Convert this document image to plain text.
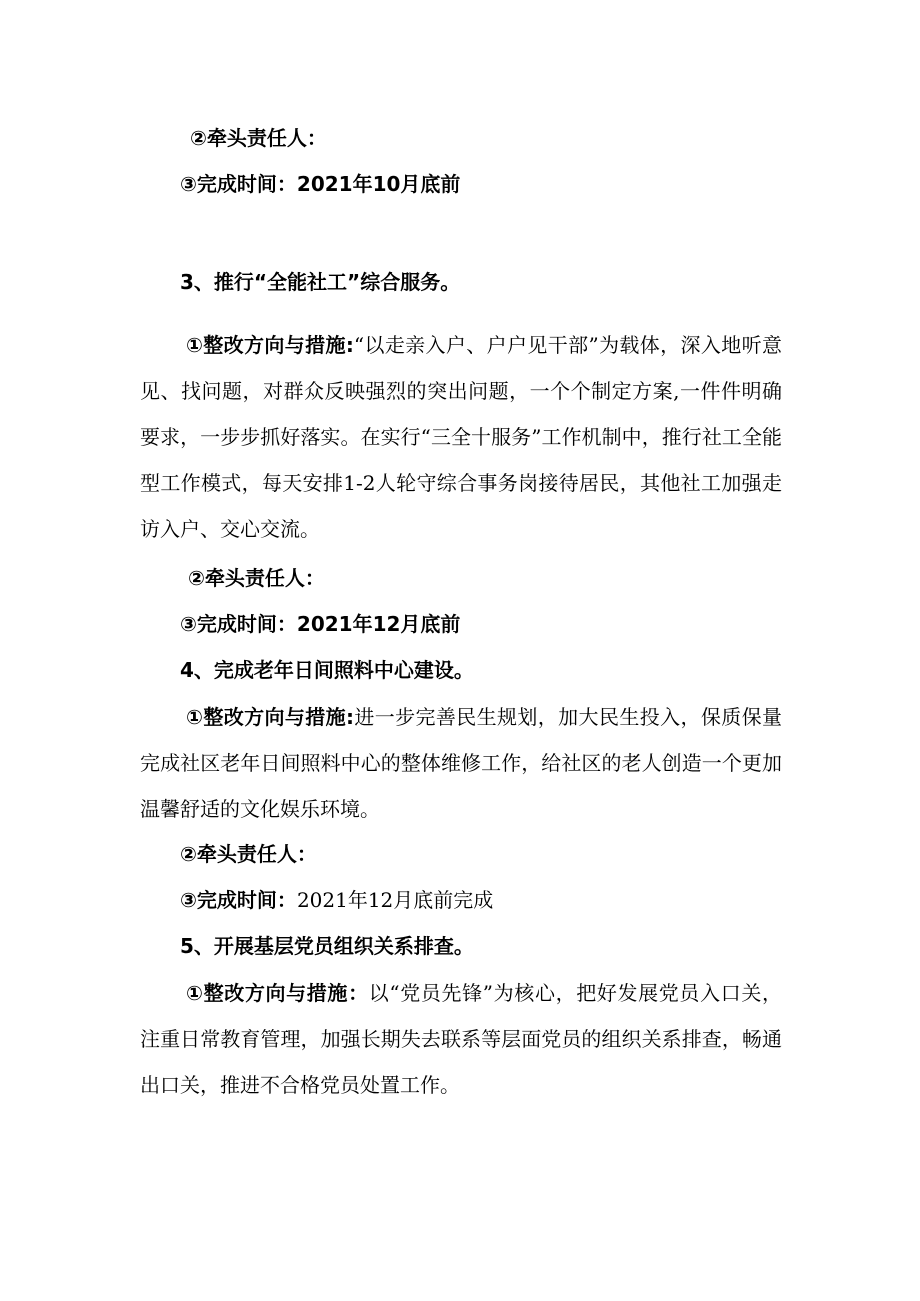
②牵头责任人：
③完成时间：2021年10月底前
3、推行“全能社工”综合服务。
①整改方向与措施:“以走亲入户、户户见干部”为载体，深入地听意见、找问题，对群众反映强烈的突出问题，一个个制定方案,一件件明确要求，一步步抓好落实。在实行“三全十服务”工作机制中，推行社工全能型工作模式，每天安排1-2人轮守综合事务岗接待居民，其他社工加强走访入户、交心交流。
②牵头责任人：
③完成时间：2021年12月底前
4、完成老年日间照料中心建设。
①整改方向与措施:进一步完善民生规划，加大民生投入，保质保量完成社区老年日间照料中心的整体维修工作，给社区的老人创造一个更加温馨舒适的文化娱乐环境。
②牵头责任人：
③完成时间：2021年12月底前完成
5、开展基层党员组织关系排查。
①整改方向与措施：以“党员先锋”为核心，把好发展党员入口关，注重日常教育管理，加强长期失去联系等层面党员的组织关系排查，畅通出口关，推进不合格党员处置工作。
